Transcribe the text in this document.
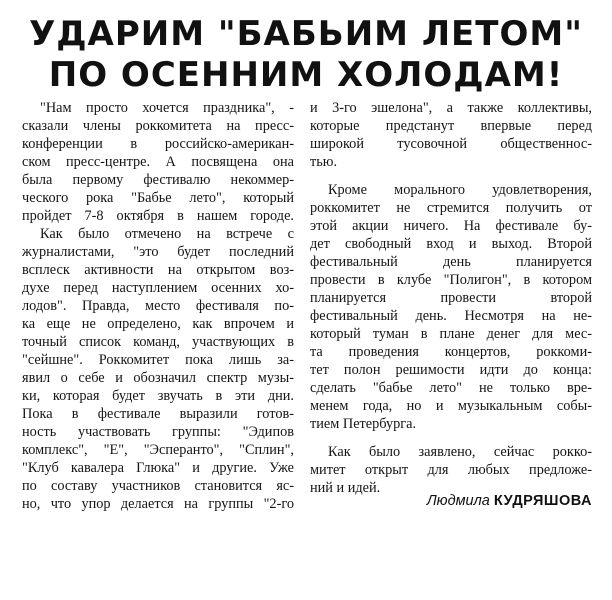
УДАРИМ "БАБЬИМ ЛЕТОМ"
ПО ОСЕННИМ ХОЛОДАМ!
"Нам просто хочется праздника", -
сказали члены роккомитета на пресс-
конференции в российско-американ-
ском пресс-центре. А посвящена она
была первому фестивалю некоммер-
ческого рока "Бабье лето", который
пройдет 7-8 октября в нашем городе.
Как было отмечено на встрече с
журналистами, "это будет последний
всплеск активности на открытом воз-
духе перед наступлением осенних хо-
лодов". Правда, место фестиваля по-
ка еще не определено, как впрочем и
точный список команд, участвующих в
"сейшне". Роккомитет пока лишь за-
явил о себе и обозначил спектр музы-
ки, которая будет звучать в эти дни.
Пока в фестивале выразили готов-
ность участвовать группы: "Эдипов
комплекс", "Е", "Эсперанто", "Сплин",
"Клуб кавалера Глюка" и другие. Уже
по составу участников становится яс-
но, что упор делается на группы "2-го
и 3-го эшелона", а также коллективы,
которые предстанут впервые перед
широкой тусовочной общественнос-
тью.
Кроме морального удовлетворения,
роккомитет не стремится получить от
этой акции ничего. На фестивале бу-
дет свободный вход и выход. Второй
фестивальный день планируется
провести в клубе "Полигон", в котором
планируется провести второй
фестивальный день. Несмотря на не-
который туман в плане денег для мес-
та проведения концертов, роккоми-
тет полон решимости идти до конца:
сделать "бабье лето" не только вре-
менем года, но и музыкальным собы-
тием Петербурга.
Как было заявлено, сейчас рокко-
митет открыт для любых предложе-
ний и идей.
Людмила КУДРЯШОВА
